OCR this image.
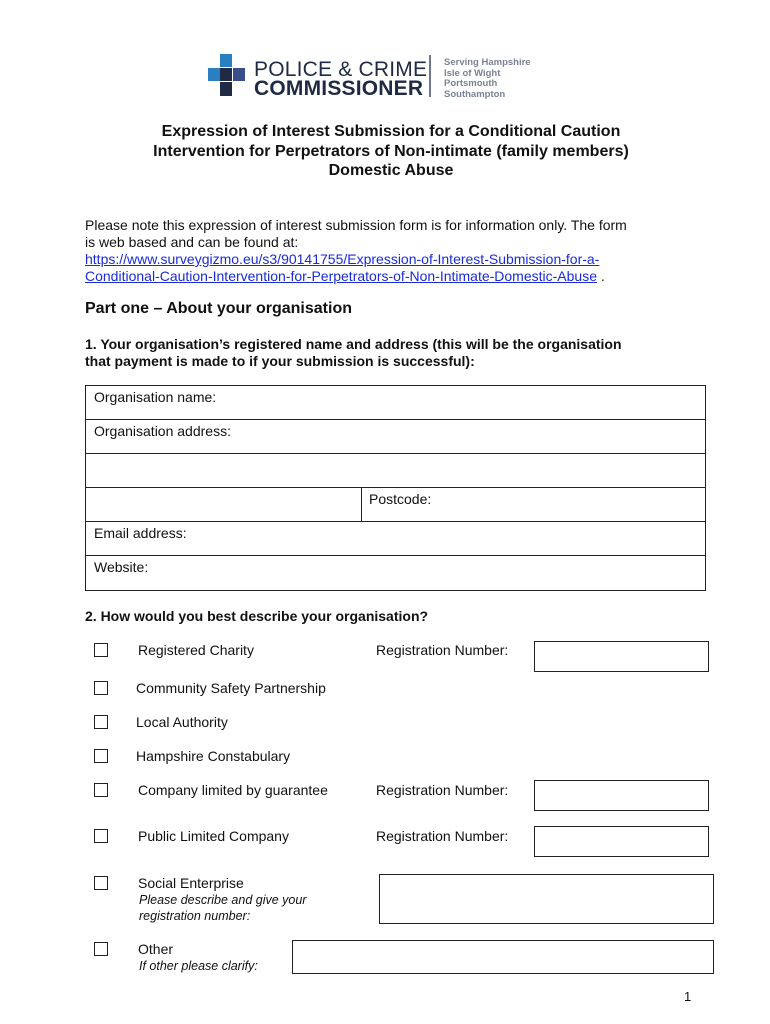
POLICE & CRIME
COMMISSIONER
Serving Hampshire
Isle of Wight
Portsmouth
Southampton
Expression of Interest Submission for a Conditional Caution
Intervention for Perpetrators of Non-intimate (family members)
Domestic Abuse
Please note this expression of interest submission form is for information only. The form
is web based and can be found at:
https://www.surveygizmo.eu/s3/90141755/Expression-of-Interest-Submission-for-a-
Conditional-Caution-Intervention-for-Perpetrators-of-Non-Intimate-Domestic-Abuse .
Part one – About your organisation
1. Your organisation’s registered name and address (this will be the organisation
that payment is made to if your submission is successful):
Organisation name:
Organisation address:
Postcode:
Email address:
Website:
2. How would you best describe your organisation?
Registered Charity	Registration Number:
Community Safety Partnership
Local Authority
Hampshire Constabulary
Company limited by guarantee	Registration Number:
Public Limited Company	Registration Number:
Social Enterprise
Please describe and give your
registration number:
Other
If other please clarify:
1
